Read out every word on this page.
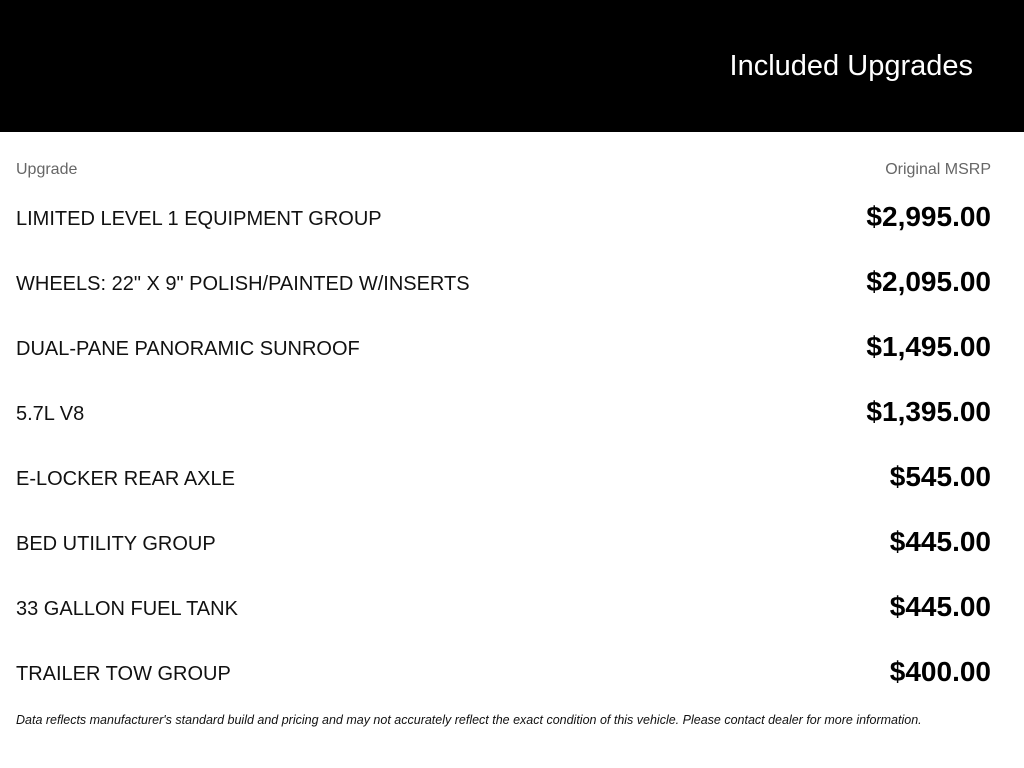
Included Upgrades
Upgrade	Original MSRP
LIMITED LEVEL 1 EQUIPMENT GROUP	$2,995.00
WHEELS: 22" X 9" POLISH/PAINTED W/INSERTS	$2,095.00
DUAL-PANE PANORAMIC SUNROOF	$1,495.00
5.7L V8	$1,395.00
E-LOCKER REAR AXLE	$545.00
BED UTILITY GROUP	$445.00
33 GALLON FUEL TANK	$445.00
TRAILER TOW GROUP	$400.00
Data reflects manufacturer's standard build and pricing and may not accurately reflect the exact condition of this vehicle. Please contact dealer for more information.
